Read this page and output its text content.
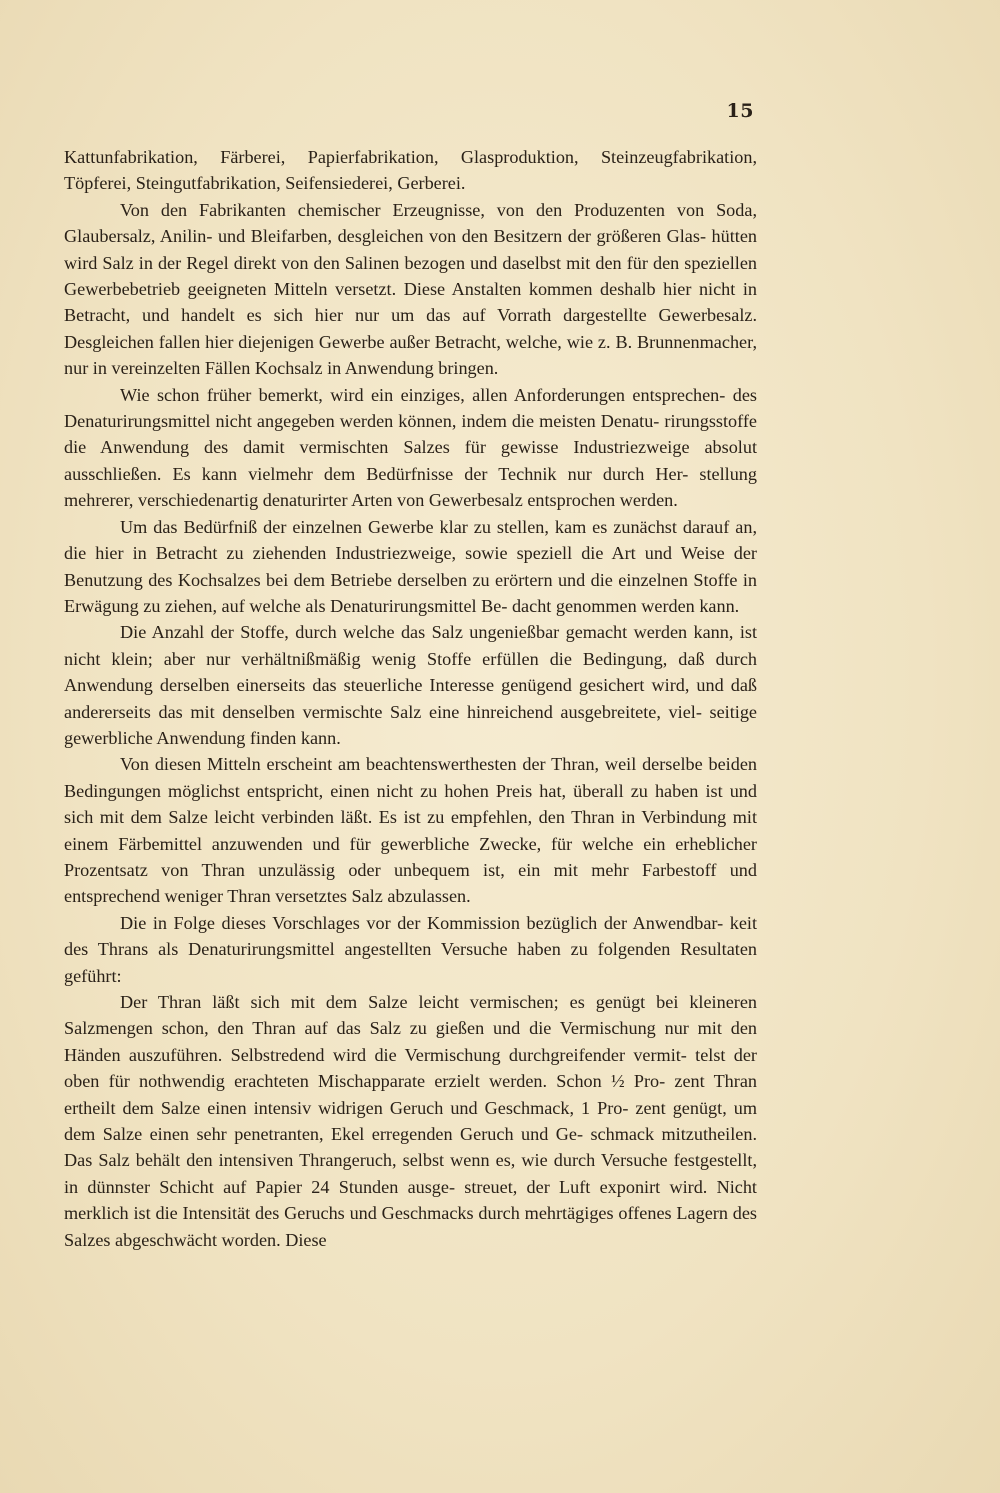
15

Kattunfabrikation, Färberei, Papierfabrikation, Glasproduktion, Steinzeugfabrikation, Töpferei, Steingutfabrikation, Seifensiederei, Gerberei.

Von den Fabrikanten chemischer Erzeugnisse, von den Produzenten von Soda, Glaubersalz, Anilin- und Bleifarben, desgleichen von den Besitzern der größeren Glas- hütten wird Salz in der Regel direkt von den Salinen bezogen und daselbst mit den für den speziellen Gewerbebetrieb geeigneten Mitteln versetzt. Diese Anstalten kommen deshalb hier nicht in Betracht, und handelt es sich hier nur um das auf Vorrath dargestellte Gewerbesalz. Desgleichen fallen hier diejenigen Gewerbe außer Betracht, welche, wie z. B. Brunnenmacher, nur in vereinzelten Fällen Kochsalz in Anwendung bringen.

Wie schon früher bemerkt, wird ein einziges, allen Anforderungen entsprechen- des Denaturirungsmittel nicht angegeben werden können, indem die meisten Denatu- rirungsstoffe die Anwendung des damit vermischten Salzes für gewisse Industriezweige absolut ausschließen. Es kann vielmehr dem Bedürfnisse der Technik nur durch Her- stellung mehrerer, verschiedenartig denaturirter Arten von Gewerbesalz entsprochen werden.

Um das Bedürfniß der einzelnen Gewerbe klar zu stellen, kam es zunächst darauf an, die hier in Betracht zu ziehenden Industriezweige, sowie speziell die Art und Weise der Benutzung des Kochsalzes bei dem Betriebe derselben zu erörtern und die einzelnen Stoffe in Erwägung zu ziehen, auf welche als Denaturirungsmittel Be- dacht genommen werden kann.

Die Anzahl der Stoffe, durch welche das Salz ungenießbar gemacht werden kann, ist nicht klein; aber nur verhältnißmäßig wenig Stoffe erfüllen die Bedingung, daß durch Anwendung derselben einerseits das steuerliche Interesse genügend gesichert wird, und daß andererseits das mit denselben vermischte Salz eine hinreichend ausgebreitete, viel- seitige gewerbliche Anwendung finden kann.

Von diesen Mitteln erscheint am beachtenswerthesten der Thran, weil derselbe beiden Bedingungen möglichst entspricht, einen nicht zu hohen Preis hat, überall zu haben ist und sich mit dem Salze leicht verbinden läßt. Es ist zu empfehlen, den Thran in Verbindung mit einem Färbemittel anzuwenden und für gewerbliche Zwecke, für welche ein erheblicher Prozentsatz von Thran unzulässig oder unbequem ist, ein mit mehr Farbestoff und entsprechend weniger Thran versetztes Salz abzulassen.

Die in Folge dieses Vorschlages vor der Kommission bezüglich der Anwendbar- keit des Thrans als Denaturirungsmittel angestellten Versuche haben zu folgenden Resultaten geführt:

Der Thran läßt sich mit dem Salze leicht vermischen; es genügt bei kleineren Salzmengen schon, den Thran auf das Salz zu gießen und die Vermischung nur mit den Händen auszuführen. Selbstredend wird die Vermischung durchgreifender vermit- telst der oben für nothwendig erachteten Mischapparate erzielt werden. Schon ½ Pro- zent Thran ertheilt dem Salze einen intensiv widrigen Geruch und Geschmack, 1 Pro- zent genügt, um dem Salze einen sehr penetranten, Ekel erregenden Geruch und Ge- schmack mitzutheilen. Das Salz behält den intensiven Thrangeruch, selbst wenn es, wie durch Versuche festgestellt, in dünnster Schicht auf Papier 24 Stunden ausge- streuet, der Luft exponirt wird. Nicht merklich ist die Intensität des Geruchs und Geschmacks durch mehrtägiges offenes Lagern des Salzes abgeschwächt worden. Diese
